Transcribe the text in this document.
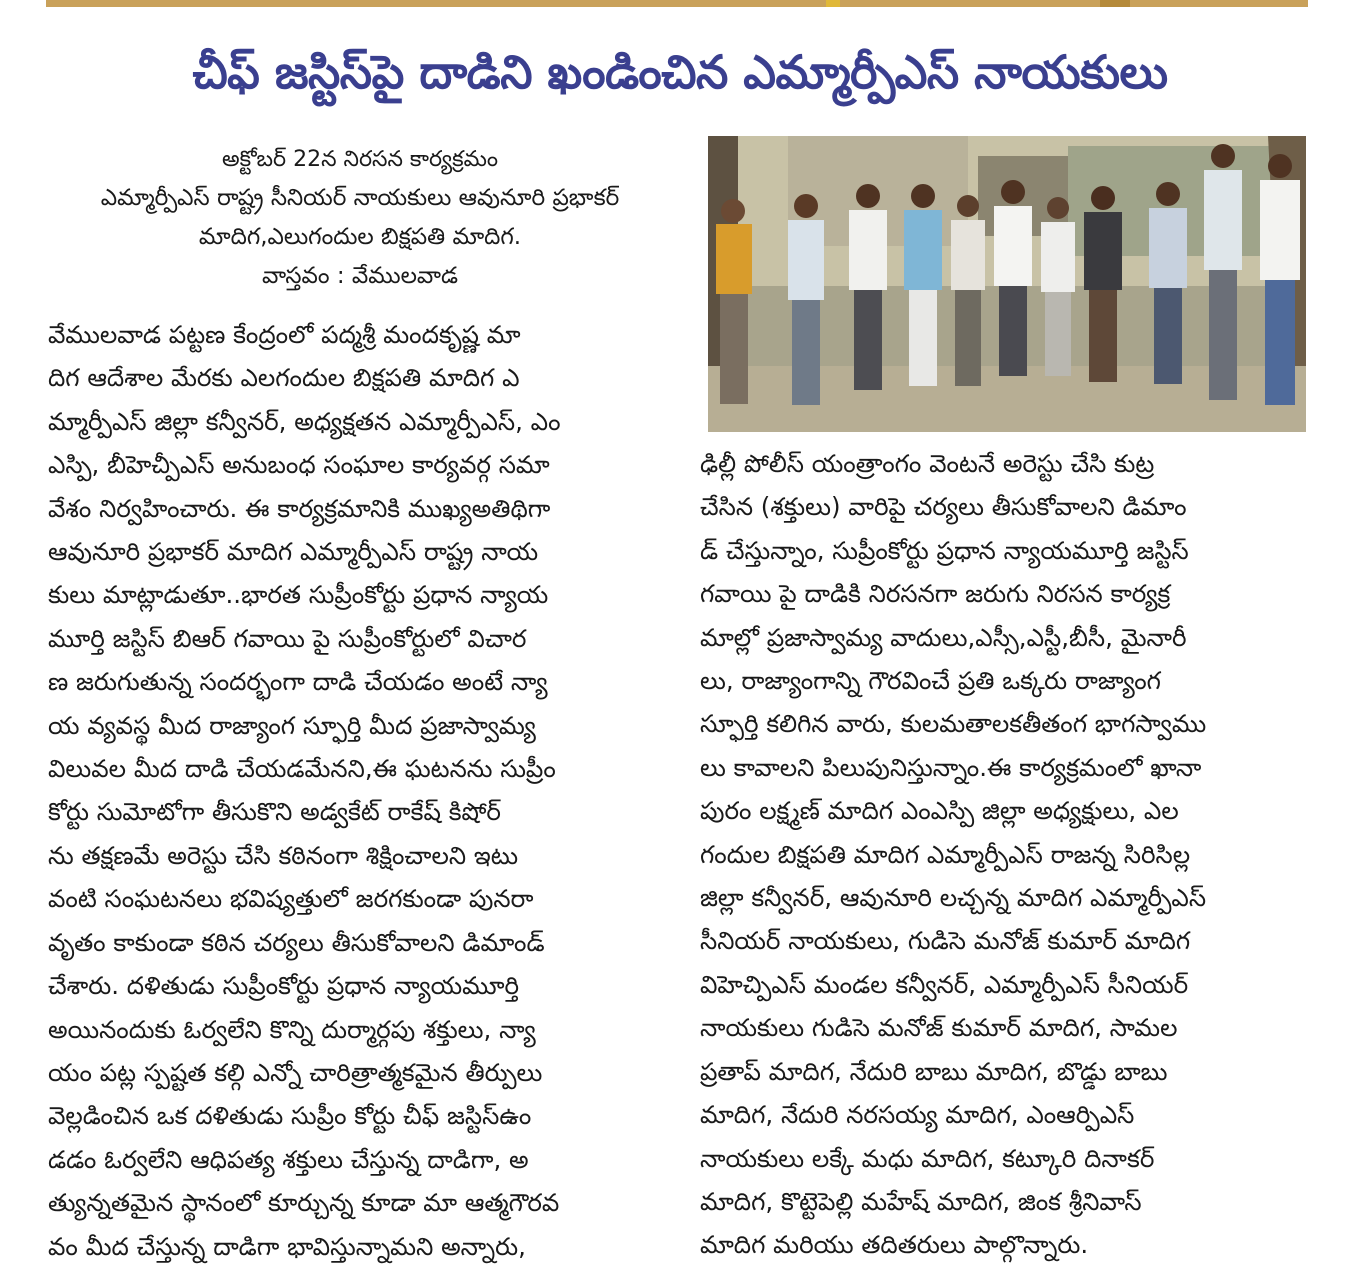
చీఫ్ జస్టిస్‌పై దాడిని ఖండించిన ఎమ్మార్పీఎస్ నాయకులు
అక్టోబర్ 22న నిరసన కార్యక్రమం
ఎమ్మార్పీఎస్ రాష్ట్ర సీనియర్ నాయకులు ఆవునూరి ప్రభాకర్
మాదిగ,ఎలుగందుల బిక్షపతి మాదిగ.
వాస్తవం : వేములవాడ
వేములవాడ పట్టణ కేంద్రంలో పద్మశ్రీ మందకృష్ణ మా
దిగ ఆదేశాల మేరకు ఎలగందుల బిక్షపతి మాదిగ ఎ
మ్మార్పీఎస్ జిల్లా కన్వీనర్, అధ్యక్షతన ఎమ్మార్పీఎస్, ఎం
ఎస్పి, బీహెచ్పీఎస్ అనుబంధ సంఘాల కార్యవర్గ సమా
వేశం నిర్వహించారు. ఈ కార్యక్రమానికి ముఖ్యఅతిథిగా
ఆవునూరి ప్రభాకర్ మాదిగ ఎమ్మార్పీఎస్ రాష్ట్ర నాయ
కులు మాట్లాడుతూ..భారత సుప్రీంకోర్టు ప్రధాన న్యాయ
మూర్తి జస్టిస్ బిఆర్ గవాయి పై సుప్రీంకోర్టులో విచార
ణ జరుగుతున్న సందర్భంగా దాడి చేయడం అంటే న్యా
య వ్యవస్థ మీద రాజ్యాంగ స్ఫూర్తి మీద ప్రజాస్వామ్య
విలువల మీద దాడి చేయడమేనని,ఈ ఘటనను సుప్రీం
కోర్టు సుమోటోగా తీసుకొని అడ్వకేట్ రాకేష్ కిషోర్
ను తక్షణమే అరెస్టు చేసి కఠినంగా శిక్షించాలని ఇటు
వంటి సంఘటనలు భవిష్యత్తులో జరగకుండా పునరా
వృతం కాకుండా కఠిన చర్యలు తీసుకోవాలని డిమాండ్
చేశారు. దళితుడు సుప్రీంకోర్టు ప్రధాన న్యాయమూర్తి
అయినందుకు ఓర్వలేని కొన్ని దుర్మార్గపు శక్తులు, న్యా
యం పట్ల స్పష్టత కల్గి ఎన్నో చారిత్రాత్మకమైన తీర్పులు
వెల్లడించిన ఒక దళితుడు సుప్రీం కోర్టు చీఫ్ జస్టిస్‌ఉం
డడం ఓర్వలేని ఆధిపత్య శక్తులు చేస్తున్న దాడిగా, అ
త్యున్నతమైన స్థానంలో కూర్చున్న కూడా మా ఆత్మగౌరవ
వం మీద చేస్తున్న దాడిగా భావిస్తున్నామని అన్నారు,
ఢిల్లీ పోలీస్ యంత్రాంగం వెంటనే అరెస్టు చేసి కుట్ర
చేసిన (శక్తులు) వారిపై చర్యలు తీసుకోవాలని డిమాం
డ్ చేస్తున్నాం, సుప్రీంకోర్టు ప్రధాన న్యాయమూర్తి జస్టిస్
గవాయి పై దాడికి నిరసనగా జరుగు నిరసన కార్యక్ర
మాల్లో ప్రజాస్వామ్య వాదులు,ఎస్సీ,ఎస్టీ,బీసీ, మైనారీ
లు, రాజ్యాంగాన్ని గౌరవించే ప్రతి ఒక్కరు రాజ్యాంగ
స్ఫూర్తి కలిగిన వారు, కులమతాలకతీతంగ భాగస్వాము
లు కావాలని పిలుపునిస్తున్నాం.ఈ కార్యక్రమంలో ఖానా
పురం లక్ష్మణ్ మాదిగ ఎంఎస్పి జిల్లా అధ్యక్షులు, ఎల
గందుల బిక్షపతి మాదిగ ఎమ్మార్పీఎస్ రాజన్న సిరిసిల్ల
జిల్లా కన్వీనర్, ఆవునూరి లచ్చన్న మాదిగ ఎమ్మార్పీఎస్
సీనియర్ నాయకులు, గుడిసె మనోజ్ కుమార్ మాదిగ
విహెచ్పిఎస్ మండల కన్వీనర్, ఎమ్మార్పీఎస్ సీనియర్
నాయకులు గుడిసె మనోజ్ కుమార్ మాదిగ, సామల
ప్రతాప్ మాదిగ, నేదురి బాబు మాదిగ, బొడ్డు బాబు
మాదిగ, నేదురి నరసయ్య మాదిగ, ఎంఆర్పిఎస్
నాయకులు లక్కే మధు మాదిగ, కట్కూరి దినాకర్
మాదిగ, కొట్టెపెల్లి మహేష్ మాదిగ, జింక శ్రీనివాస్
మాదిగ మరియు తదితరులు పాల్గొన్నారు.
